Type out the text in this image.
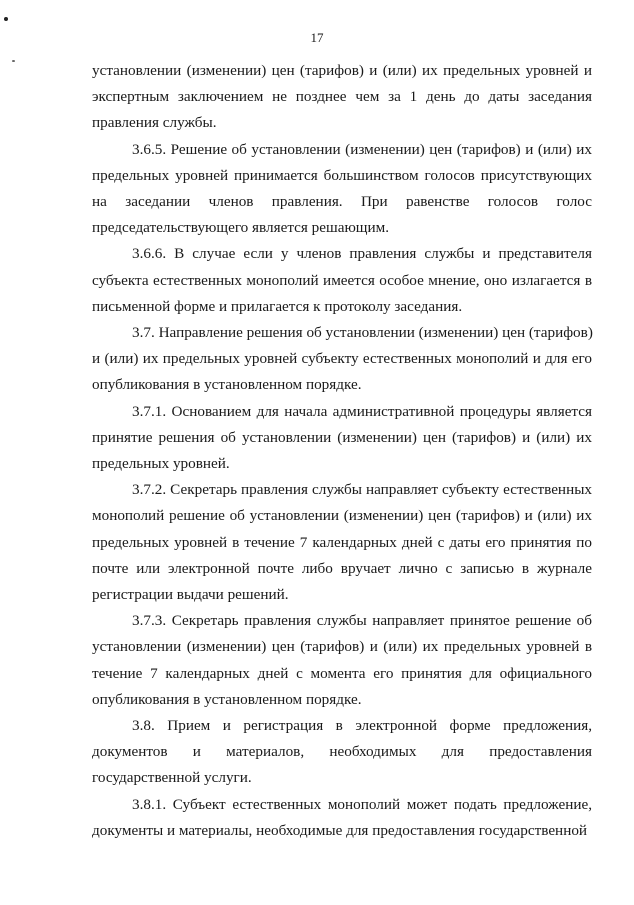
17
установлении (изменении) цен (тарифов) и (или) их предельных уровней и
экспертным заключением не позднее чем за 1 день до даты заседания
правления службы.
3.6.5. Решение об установлении (изменении) цен (тарифов) и (или) их
предельных уровней принимается большинством голосов присутствующих
на заседании членов правления. При равенстве голосов голос
председательствующего является решающим.
3.6.6. В случае если у членов правления службы и представителя
субъекта естественных монополий имеется особое мнение, оно излагается в
письменной форме и прилагается к протоколу заседания.
3.7. Направление решения об установлении (изменении) цен (тарифов)
и (или) их предельных уровней субъекту естественных монополий и для его
опубликования в установленном порядке.
3.7.1. Основанием для начала административной процедуры является
принятие решения об установлении (изменении) цен (тарифов) и (или) их
предельных уровней.
3.7.2. Секретарь правления службы направляет субъекту естественных
монополий решение об установлении (изменении) цен (тарифов) и (или) их
предельных уровней в течение 7 календарных дней с даты его принятия по
почте или электронной почте либо вручает лично с записью в журнале
регистрации выдачи решений.
3.7.3. Секретарь правления службы направляет принятое решение об
установлении (изменении) цен (тарифов) и (или) их предельных уровней в
течение 7 календарных дней с момента его принятия для официального
опубликования в установленном порядке.
3.8. Прием и регистрация в электронной форме предложения,
документов и материалов, необходимых для предоставления
государственной услуги.
3.8.1. Субъект естественных монополий может подать предложение,
документы и материалы, необходимые для предоставления государственной
